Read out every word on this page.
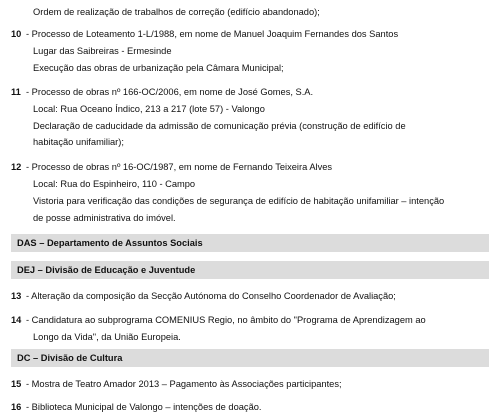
Ordem de realização de trabalhos de correção (edifício abandonado);
10 - Processo de Loteamento 1-L/1988, em nome de Manuel Joaquim Fernandes dos Santos
Lugar das Saibreiras - Ermesinde
Execução das obras de urbanização pela Câmara Municipal;
11 - Processo de obras nº 166-OC/2006, em nome de José Gomes, S.A.
Local: Rua Oceano Índico, 213 a 217 (lote 57) - Valongo
Declaração de caducidade da admissão de comunicação prévia (construção de edifício de
habitação unifamiliar);
12 - Processo de obras nº 16-OC/1987, em nome de Fernando Teixeira Alves
Local: Rua do Espinheiro, 110 - Campo
Vistoria para verificação das condições de segurança de edifício de habitação unifamiliar – intenção
de posse administrativa do imóvel.
DAS – Departamento de Assuntos Sociais
DEJ – Divisão de Educação e Juventude
13 - Alteração da composição da Secção Autónoma do Conselho Coordenador de Avaliação;
14 - Candidatura ao subprograma COMENIUS Regio, no âmbito do "Programa de Aprendizagem ao
Longo da Vida", da União Europeia.
DC – Divisão de Cultura
15 - Mostra de Teatro Amador 2013 – Pagamento às Associações participantes;
16 - Biblioteca Municipal de Valongo – intenções de doação.
